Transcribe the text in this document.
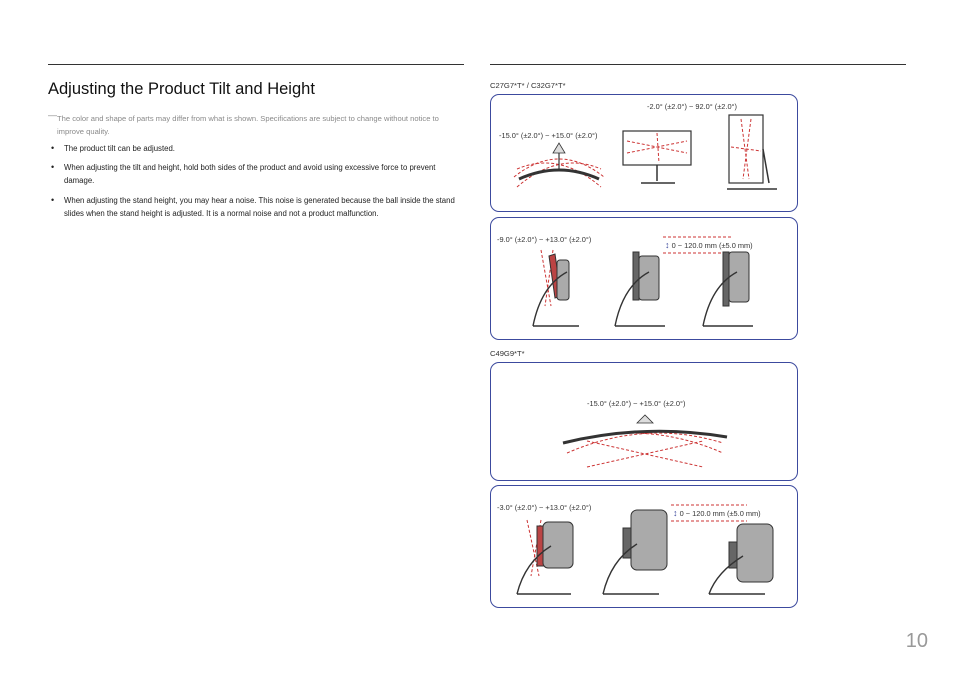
Adjusting the Product Tilt and Height
— The color and shape of parts may differ from what is shown. Specifications are subject to change without notice to improve quality.
• The product tilt can be adjusted.
• When adjusting the tilt and height, hold both sides of the product and avoid using excessive force to prevent damage.
• When adjusting the stand height, you may hear a noise. This noise is generated because the ball inside the stand slides when the stand height is adjusted. It is a normal noise and not a product malfunction.
C27G7*T* / C32G7*T*
-15.0° (±2.0°) ~ +15.0° (±2.0°)
-2.0° (±2.0°) ~ 92.0° (±2.0°)
-9.0° (±2.0°) ~ +13.0° (±2.0°)
↕ 0 ~ 120.0 mm (±5.0 mm)
C49G9*T*
-15.0° (±2.0°) ~ +15.0° (±2.0°)
-3.0° (±2.0°) ~ +13.0° (±2.0°)
↕ 0 ~ 120.0 mm (±5.0 mm)
10
